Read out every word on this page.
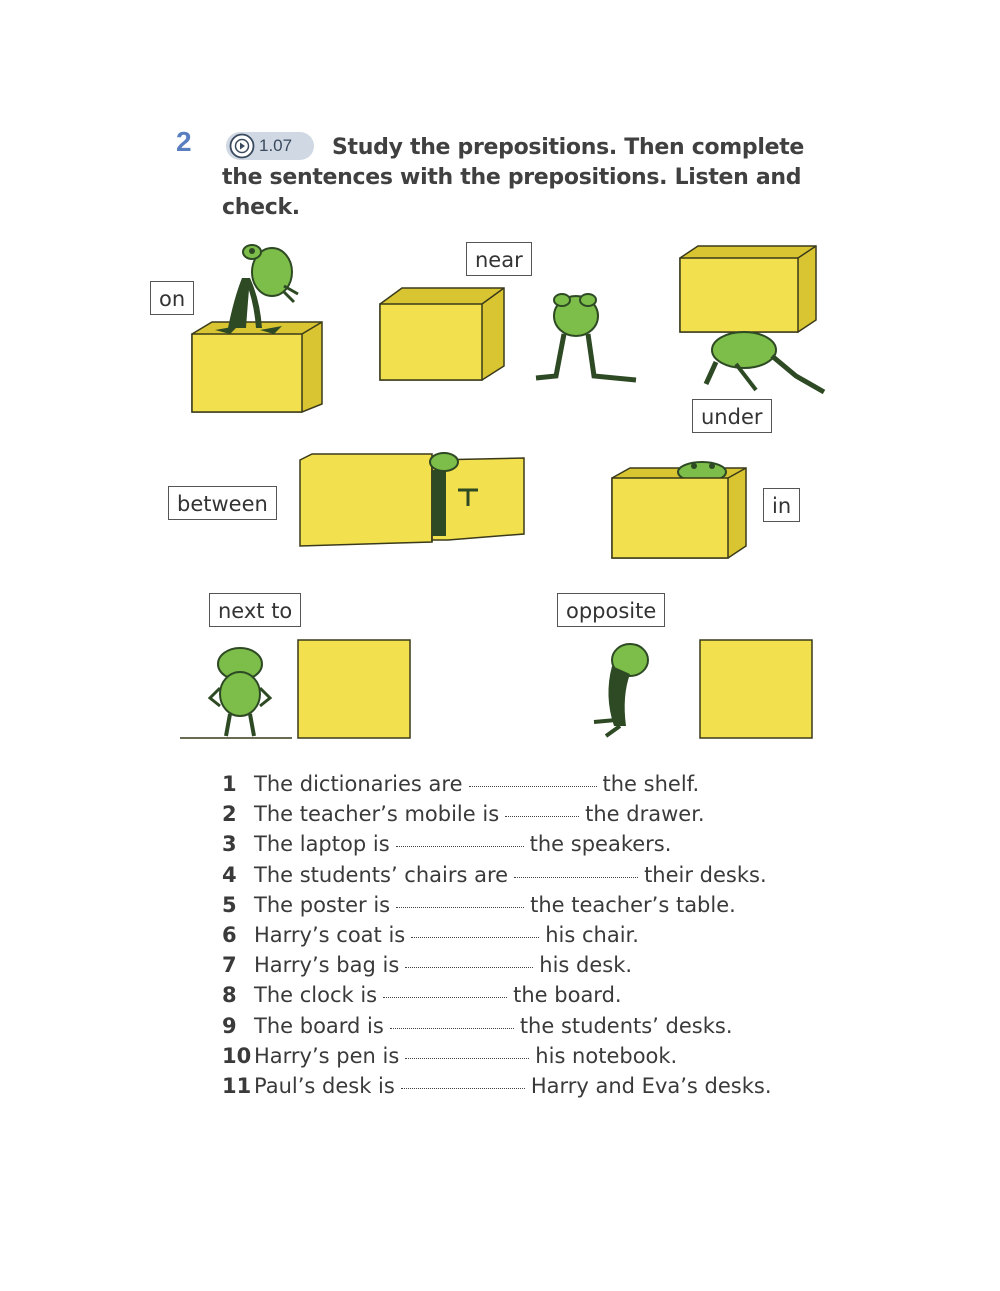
2	1.07	Study the prepositions. Then complete the sentences with the prepositions. Listen and check.
on
near
under
between	in
next to	opposite
1 The dictionaries are	the shelf.
2 The teacher’s mobile is	the drawer.
3 The laptop is	the speakers.
4 The students’ chairs are	their desks.
5 The poster is	the teacher’s table.
6 Harry’s coat is	his chair.
7 Harry’s bag is	his desk.
8 The clock is	the board.
9 The board is	the students’ desks.
10 Harry’s pen is	his notebook.
11 Paul’s desk is	Harry and Eva’s desks.
